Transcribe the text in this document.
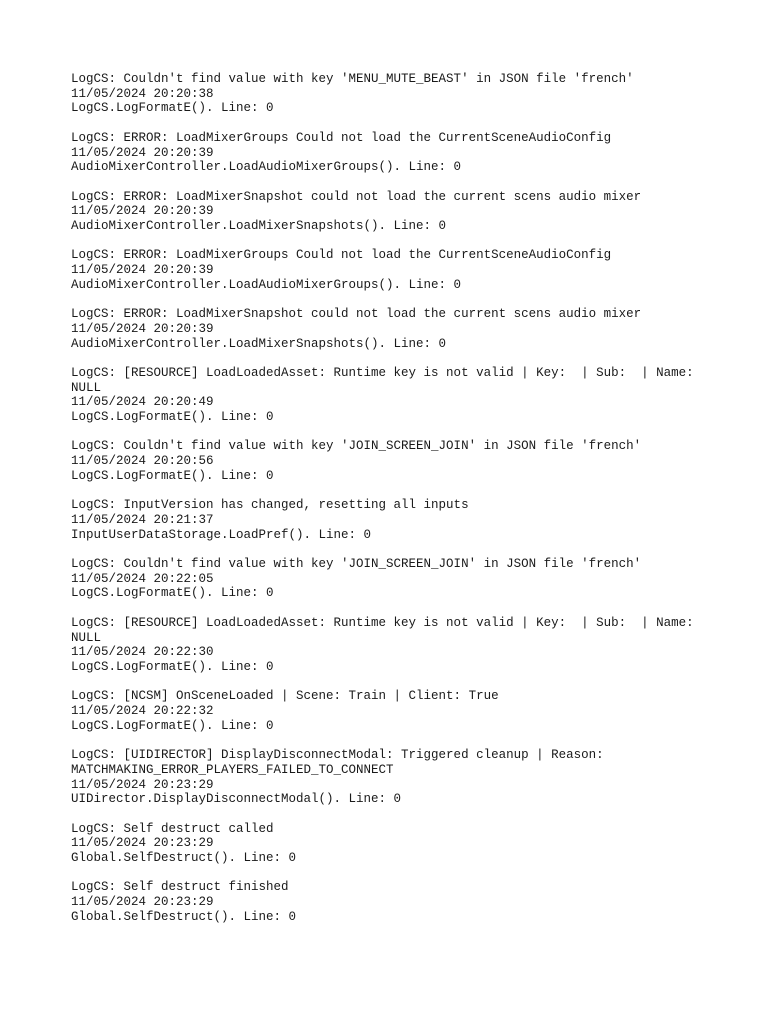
LogCS: Couldn't find value with key 'MENU_MUTE_BEAST' in JSON file 'french'
11/05/2024 20:20:38
LogCS.LogFormatE(). Line: 0
LogCS: ERROR: LoadMixerGroups Could not load the CurrentSceneAudioConfig
11/05/2024 20:20:39
AudioMixerController.LoadAudioMixerGroups(). Line: 0
LogCS: ERROR: LoadMixerSnapshot could not load the current scens audio mixer
11/05/2024 20:20:39
AudioMixerController.LoadMixerSnapshots(). Line: 0
LogCS: ERROR: LoadMixerGroups Could not load the CurrentSceneAudioConfig
11/05/2024 20:20:39
AudioMixerController.LoadAudioMixerGroups(). Line: 0
LogCS: ERROR: LoadMixerSnapshot could not load the current scens audio mixer
11/05/2024 20:20:39
AudioMixerController.LoadMixerSnapshots(). Line: 0
LogCS: [RESOURCE] LoadLoadedAsset: Runtime key is not valid | Key:  | Sub:  | Name:
NULL
11/05/2024 20:20:49
LogCS.LogFormatE(). Line: 0
LogCS: Couldn't find value with key 'JOIN_SCREEN_JOIN' in JSON file 'french'
11/05/2024 20:20:56
LogCS.LogFormatE(). Line: 0
LogCS: InputVersion has changed, resetting all inputs
11/05/2024 20:21:37
InputUserDataStorage.LoadPref(). Line: 0
LogCS: Couldn't find value with key 'JOIN_SCREEN_JOIN' in JSON file 'french'
11/05/2024 20:22:05
LogCS.LogFormatE(). Line: 0
LogCS: [RESOURCE] LoadLoadedAsset: Runtime key is not valid | Key:  | Sub:  | Name:
NULL
11/05/2024 20:22:30
LogCS.LogFormatE(). Line: 0
LogCS: [NCSM] OnSceneLoaded | Scene: Train | Client: True
11/05/2024 20:22:32
LogCS.LogFormatE(). Line: 0
LogCS: [UIDIRECTOR] DisplayDisconnectModal: Triggered cleanup | Reason:
MATCHMAKING_ERROR_PLAYERS_FAILED_TO_CONNECT
11/05/2024 20:23:29
UIDirector.DisplayDisconnectModal(). Line: 0
LogCS: Self destruct called
11/05/2024 20:23:29
Global.SelfDestruct(). Line: 0
LogCS: Self destruct finished
11/05/2024 20:23:29
Global.SelfDestruct(). Line: 0
